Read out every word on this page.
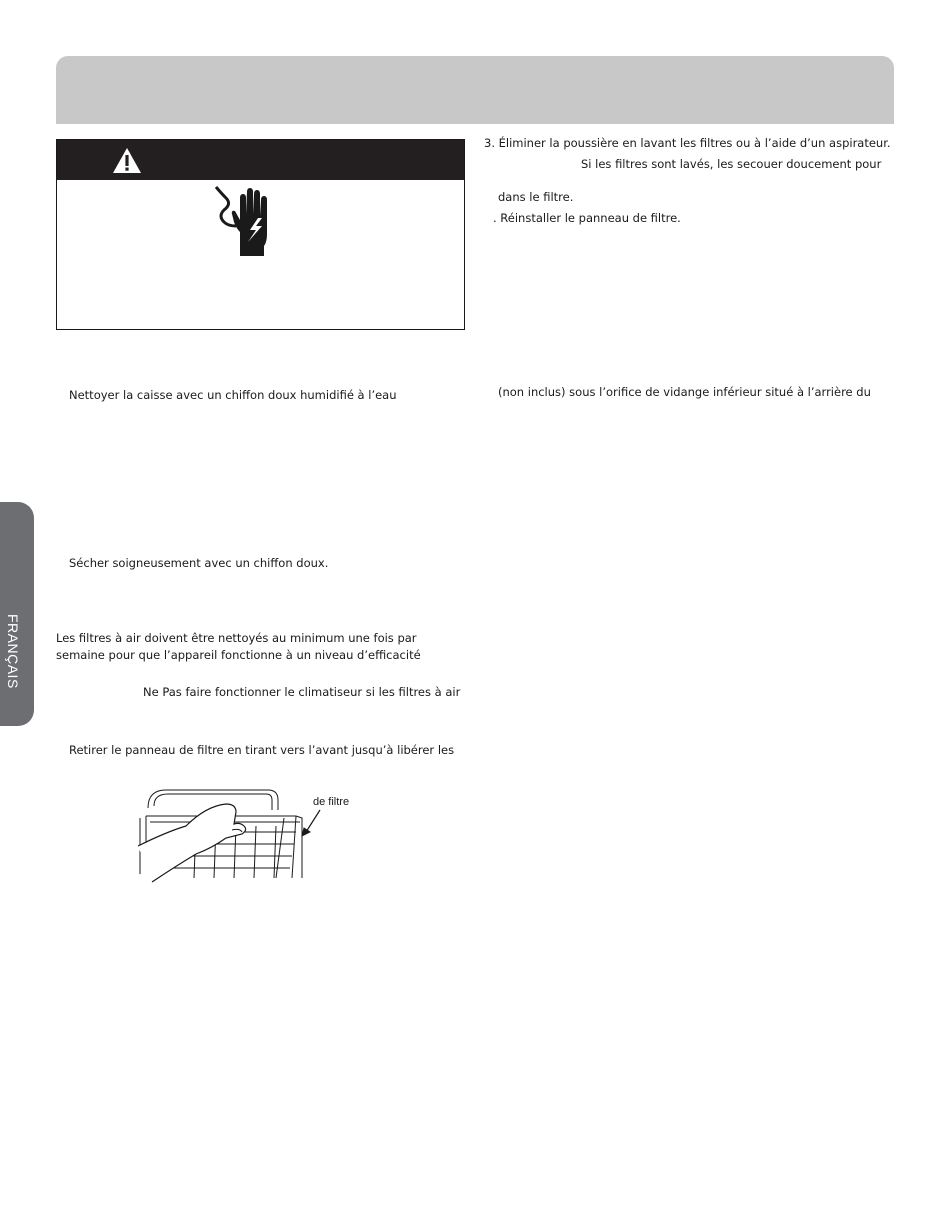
3. Éliminer la poussière en lavant les filtres ou à l’aide d’un aspirateur.
Si les filtres sont lavés, les secouer doucement pour
dans le filtre.
. Réinstaller le panneau de filtre.
(non inclus) sous l’orifice de vidange inférieur situé à l’arrière du
Nettoyer la caisse avec un chiffon doux humidifié à l’eau
Sécher soigneusement avec un chiffon doux.
Les filtres à air doivent être nettoyés au minimum une fois par
semaine pour que l’appareil fonctionne à un niveau d’efficacité
Ne Pas faire fonctionner le climatiseur si les filtres à air
Retirer le panneau de filtre en tirant vers l’avant jusqu’à libérer les
FRANÇAIS
de filtre
